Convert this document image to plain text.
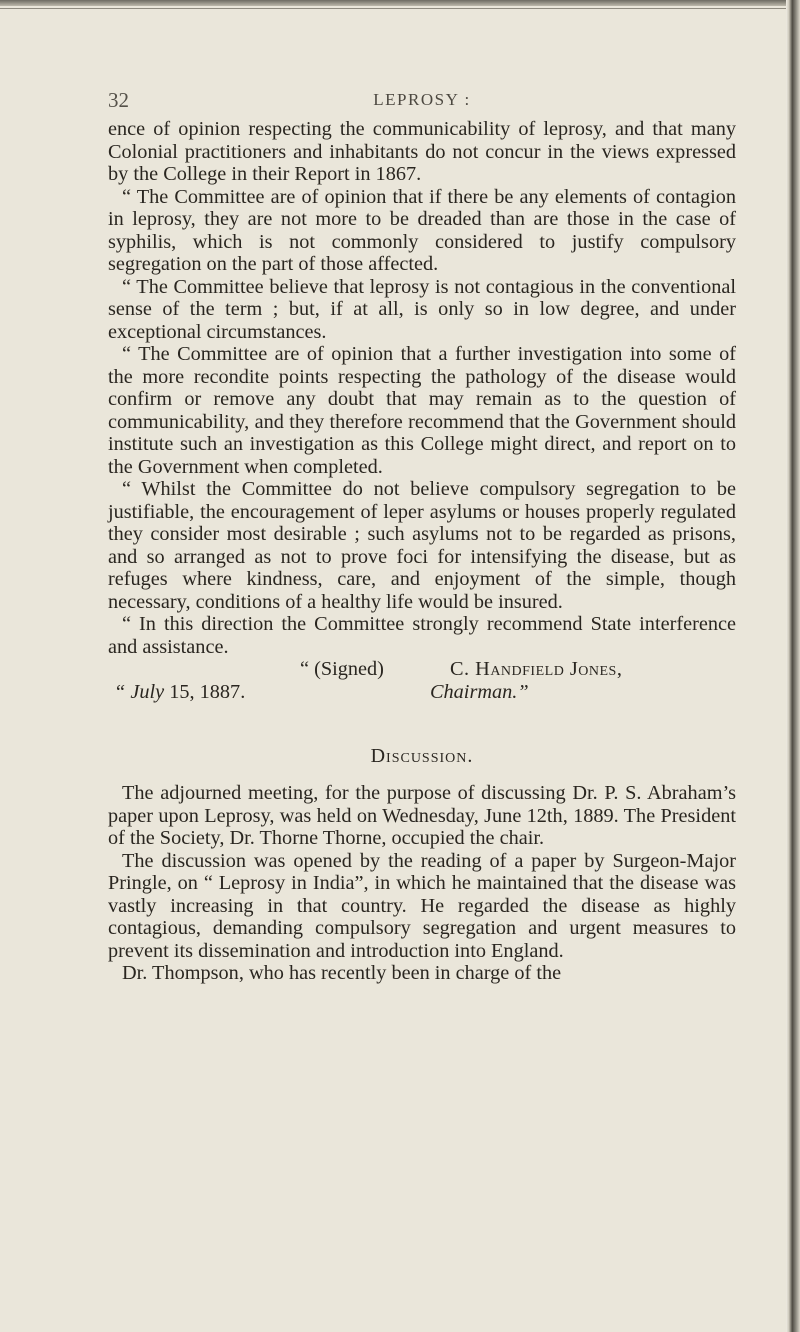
32	LEPROSY :

ence of opinion respecting the communicability of leprosy, and that many Colonial practitioners and inhabitants do not concur in the views expressed by the College in their Report in 1867.

“ The Committee are of opinion that if there be any elements of contagion in leprosy, they are not more to be dreaded than are those in the case of syphilis, which is not commonly considered to justify compulsory segregation on the part of those affected.

“ The Committee believe that leprosy is not contagious in the conventional sense of the term ; but, if at all, is only so in low degree, and under exceptional circumstances.

“ The Committee are of opinion that a further investigation into some of the more recondite points respecting the pathology of the disease would confirm or remove any doubt that may remain as to the question of communicability, and they therefore recommend that the Government should institute such an investigation as this College might direct, and report on to the Government when completed.

“ Whilst the Committee do not believe compulsory segregation to be justifiable, the encouragement of leper asylums or houses properly regulated they consider most desirable ; such asylums not to be regarded as prisons, and so arranged as not to prove foci for intensifying the disease, but as refuges where kindness, care, and enjoyment of the simple, though necessary, conditions of a healthy life would be insured.

“ In this direction the Committee strongly recommend State interference and assistance.

“ (Signed)	C. Handfield Jones,
“ July 15, 1887.	Chairman.”
Discussion.

The adjourned meeting, for the purpose of discussing Dr. P. S. Abraham’s paper upon Leprosy, was held on Wednesday, June 12th, 1889. The President of the Society, Dr. Thorne Thorne, occupied the chair.

The discussion was opened by the reading of a paper by Surgeon-Major Pringle, on “ Leprosy in India”, in which he maintained that the disease was vastly increasing in that country. He regarded the disease as highly contagious, demanding compulsory segregation and urgent measures to prevent its dissemination and introduction into England.

Dr. Thompson, who has recently been in charge of the
